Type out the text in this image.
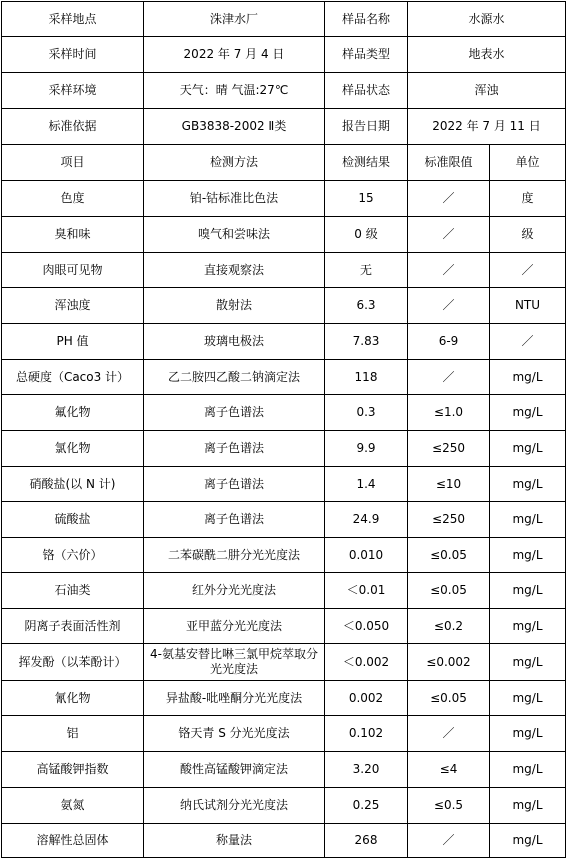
采样地点	洙津水厂	样品名称	水源水	
采样时间	2022 年 7 月 4 日	样品类型	地表水	
采样环境	天气：晴 气温:27℃	样品状态	浑浊	
标准依据	GB3838-2002 Ⅱ类	报告日期	2022 年 7 月 11 日	
项目	检测方法	检测结果	标准限值	单位
色度	铂-钴标准比色法	15	／	度
臭和味	嗅气和尝味法	0 级	／	级
肉眼可见物	直接观察法	无	／	／
浑浊度	散射法	6.3	／	NTU
PH 值	玻璃电极法	7.83	6-9	／
总硬度（Caco3 计）	乙二胺四乙酸二钠滴定法	118	／	mg/L
氟化物	离子色谱法	0.3	≤1.0	mg/L
氯化物	离子色谱法	9.9	≤250	mg/L
硝酸盐(以 N 计)	离子色谱法	1.4	≤10	mg/L
硫酸盐	离子色谱法	24.9	≤250	mg/L
铬（六价）	二苯碳酰二肼分光光度法	0.010	≤0.05	mg/L
石油类	红外分光光度法	＜0.01	≤0.05	mg/L
阴离子表面活性剂	亚甲蓝分光光度法	＜0.050	≤0.2	mg/L
挥发酚（以苯酚计）	4-氨基安替比啉三氯甲烷萃取分光光度法	＜0.002	≤0.002	mg/L
氰化物	异盐酸-吡唑酮分光光度法	0.002	≤0.05	mg/L
铝	铬天青 S 分光光度法	0.102	／	mg/L
高锰酸钾指数	酸性高锰酸钾滴定法	3.20	≤4	mg/L
氨氮	纳氏试剂分光光度法	0.25	≤0.5	mg/L
溶解性总固体	称量法	268	／	mg/L
